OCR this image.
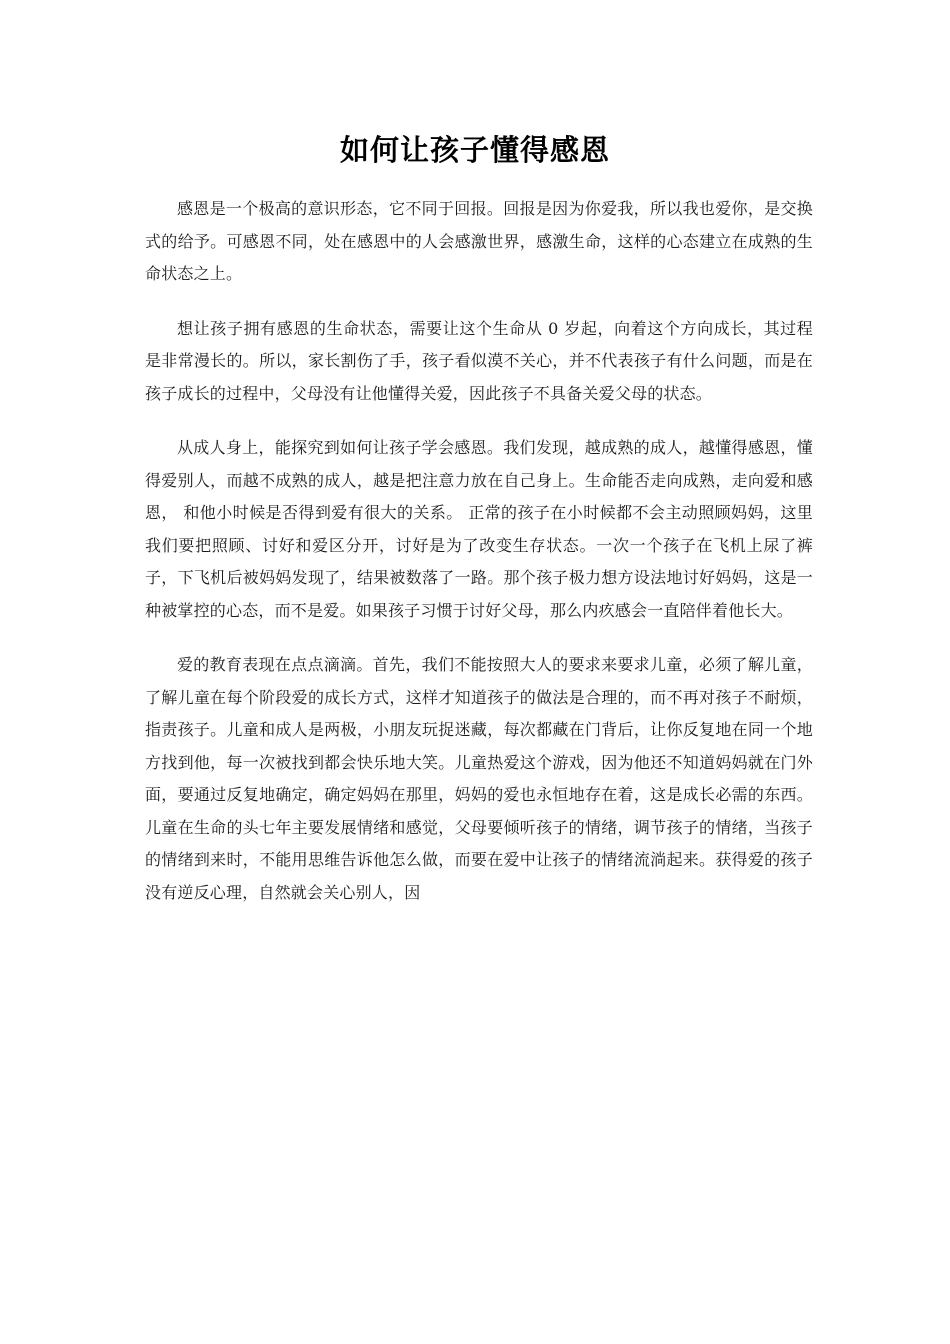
如何让孩子懂得感恩

感恩是一个极高的意识形态，它不同于回报。回报是因为你爱我，所以我也爱你，是交换式的给予。可感恩不同，处在感恩中的人会感激世界，感激生命，这样的心态建立在成熟的生命状态之上。

想让孩子拥有感恩的生命状态，需要让这个生命从 0 岁起，向着这个方向成长，其过程是非常漫长的。所以，家长割伤了手，孩子看似漠不关心，并不代表孩子有什么问题，而是在孩子成长的过程中，父母没有让他懂得关爱，因此孩子不具备关爱父母的状态。

从成人身上，能探究到如何让孩子学会感恩。我们发现，越成熟的成人，越懂得感恩，懂得爱别人，而越不成熟的成人，越是把注意力放在自己身上。生命能否走向成熟，走向爱和感恩， 和他小时候是否得到爱有很大的关系。 正常的孩子在小时候都不会主动照顾妈妈，这里我们要把照顾、讨好和爱区分开，讨好是为了改变生存状态。一次一个孩子在飞机上尿了裤子，下飞机后被妈妈发现了，结果被数落了一路。那个孩子极力想方设法地讨好妈妈，这是一种被掌控的心态，而不是爱。如果孩子习惯于讨好父母，那么内疚感会一直陪伴着他长大。

爱的教育表现在点点滴滴。首先，我们不能按照大人的要求来要求儿童，必须了解儿童，了解儿童在每个阶段爱的成长方式，这样才知道孩子的做法是合理的，而不再对孩子不耐烦，指责孩子。儿童和成人是两极，小朋友玩捉迷藏，每次都藏在门背后，让你反复地在同一个地方找到他，每一次被找到都会快乐地大笑。儿童热爱这个游戏，因为他还不知道妈妈就在门外面，要通过反复地确定，确定妈妈在那里，妈妈的爱也永恒地存在着，这是成长必需的东西。儿童在生命的头七年主要发展情绪和感觉，父母要倾听孩子的情绪，调节孩子的情绪，当孩子的情绪到来时，不能用思维告诉他怎么做，而要在爱中让孩子的情绪流淌起来。获得爱的孩子没有逆反心理，自然就会关心别人，因
